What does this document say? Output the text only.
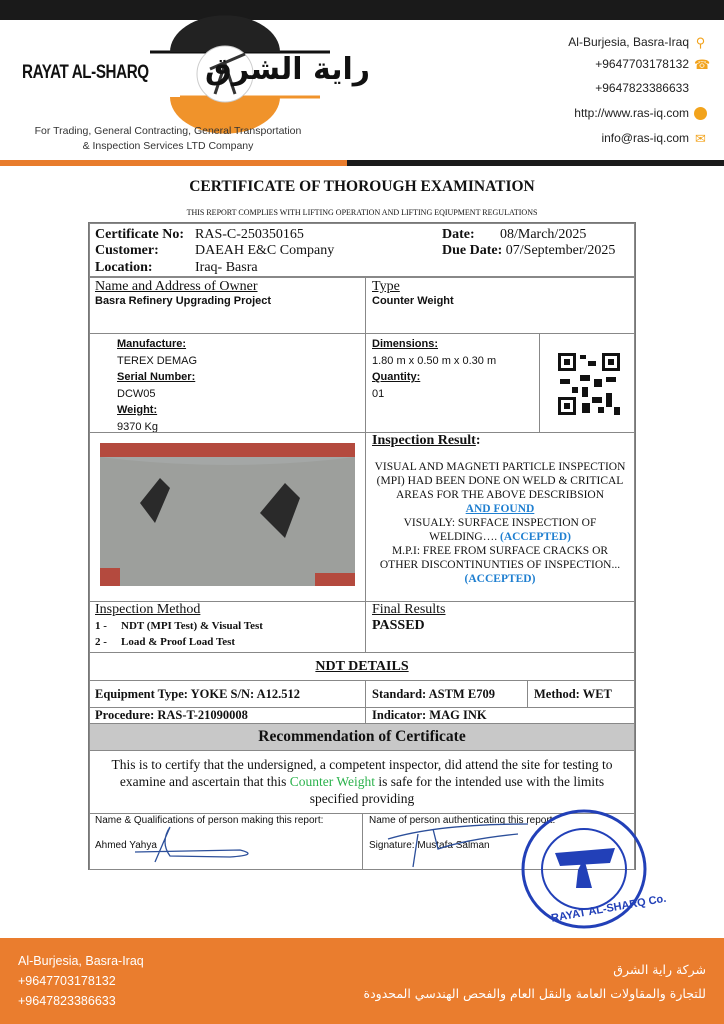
RAYAT AL-SHARQ راية الشرق
For Trading, General Contracting, General Transportation
& Inspection Services LTD Company
Al-Burjesia, Basra-Iraq ⚲
+9647703178132 ☎
+9647823386633
http://www.ras-iq.com
info@ras-iq.com ✉
CERTIFICATE OF THOROUGH EXAMINATION
THIS REPORT COMPLIES WITH LIFTING OPERATION AND LIFTING EQIUPMENT REGULATIONS
Certificate No: RAS-C-250350165
Customer:	DAEAH E&C Company
Location:	Iraq- Basra
Date: 08/March/2025
Due Date: 07/September/2025
Name and Address of Owner
Basra Refinery Upgrading Project
Type
Counter Weight
Manufacture:
TEREX DEMAG
Serial Number:
DCW05
Weight:
9370 Kg
Dimensions:
1.80 m x 0.50 m x 0.30 m
Quantity:
01
Inspection Result:
VISUAL AND MAGNETI PARTICLE INSPECTION (MPI) HAD BEEN DONE ON WELD & CRITICAL AREAS FOR THE ABOVE DESCRIBSION
AND FOUND
VISUALY: SURFACE INSPECTION OF WELDING…. (ACCEPTED)
M.P.I: FREE FROM SURFACE CRACKS OR OTHER DISCONTINUNTIES OF INSPECTION...
(ACCEPTED)
Inspection Method
1 - NDT (MPI Test) & Visual Test
2 - Load & Proof Load Test
Final Results
PASSED
NDT DETAILS
Equipment Type: YOKE S/N: A12.512	Standard: ASTM E709	Method: WET
Procedure: RAS-T-21090008	Indicator: MAG INK
Recommendation of Certificate
This is to certify that the undersigned, a competent inspector, did attend the site for testing to examine and ascertain that this Counter Weight is safe for the intended use with the limits specified providing
Name & Qualifications of person making this report:
Ahmed Yahya
Name of person authenticating this report:
Signature: Mustafa Salman
RAYAT AL-SHARQ Co.
Al-Burjesia, Basra-Iraq
+9647703178132
+9647823386633
شركة راية الشرق
للتجارة والمقاولات العامة والنقل العام والفحص الهندسي المحدودة
